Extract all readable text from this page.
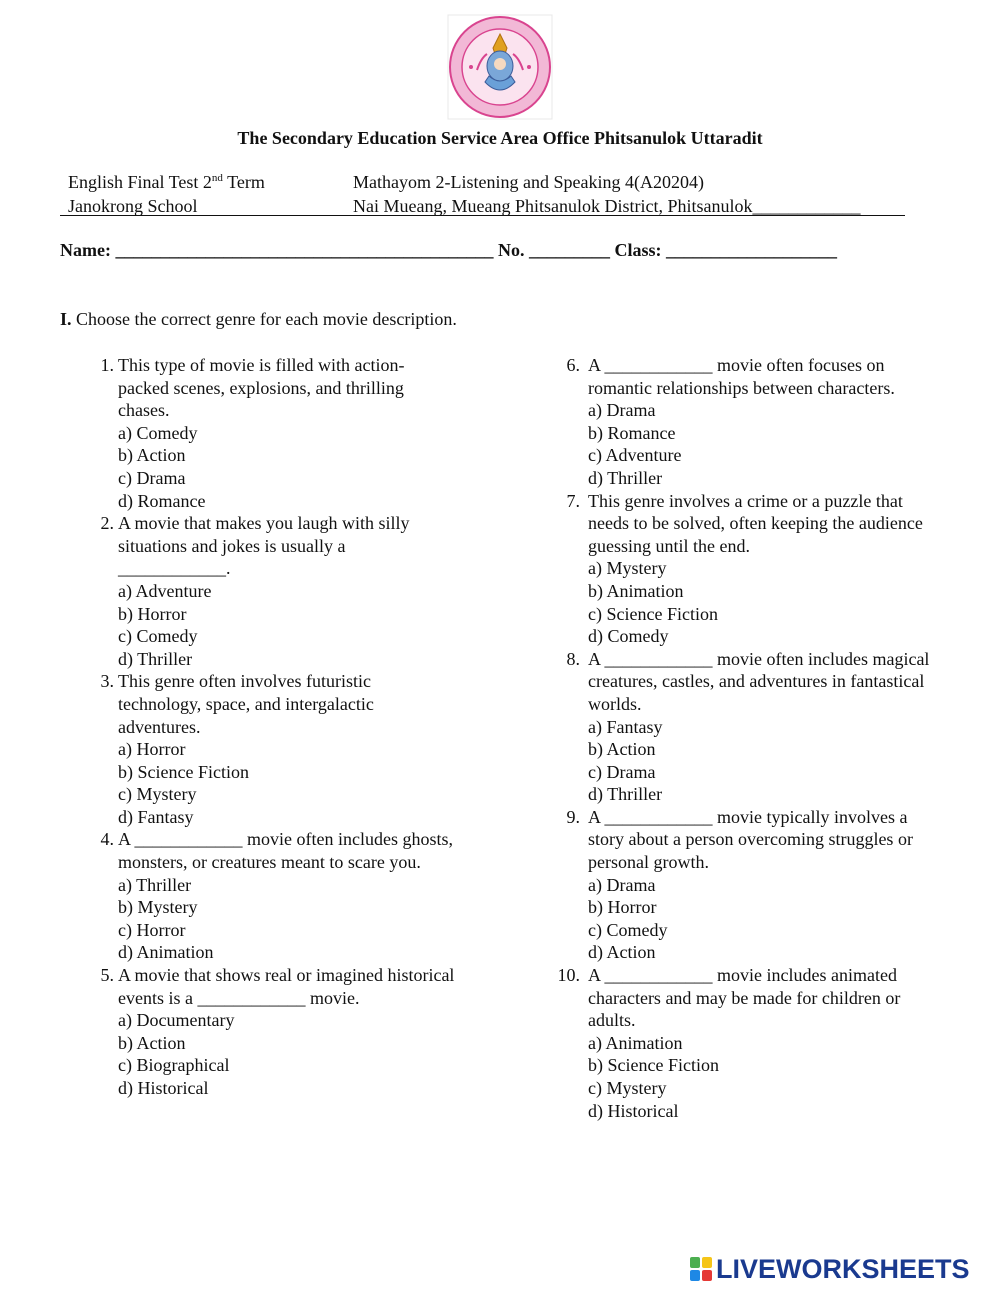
The Secondary Education Service Area Office Phitsanulok Uttaradit
English Final Test 2nd Term	Mathayom 2-Listening and Speaking 4(A20204)
Janokrong School	Nai Mueang, Mueang Phitsanulok District, Phitsanulok____________
Name: __________________________________________ No. _________ Class: ___________________
I. Choose the correct genre for each movie description.
1. This type of movie is filled with action-packed scenes, explosions, and thrilling chases.
a) Comedy
b) Action
c) Drama
d) Romance
2. A movie that makes you laugh with silly situations and jokes is usually a ____________.
a) Adventure
b) Horror
c) Comedy
d) Thriller
3. This genre often involves futuristic technology, space, and intergalactic adventures.
a) Horror
b) Science Fiction
c) Mystery
d) Fantasy
4. A ____________ movie often includes ghosts, monsters, or creatures meant to scare you.
a) Thriller
b) Mystery
c) Horror
d) Animation
5. A movie that shows real or imagined historical events is a ____________ movie.
a) Documentary
b) Action
c) Biographical
d) Historical
6. A ____________ movie often focuses on romantic relationships between characters.
a) Drama
b) Romance
c) Adventure
d) Thriller
7. This genre involves a crime or a puzzle that needs to be solved, often keeping the audience guessing until the end.
a) Mystery
b) Animation
c) Science Fiction
d) Comedy
8. A ____________ movie often includes magical creatures, castles, and adventures in fantastical worlds.
a) Fantasy
b) Action
c) Drama
d) Thriller
9. A ____________ movie typically involves a story about a person overcoming struggles or personal growth.
a) Drama
b) Horror
c) Comedy
d) Action
10. A ____________ movie includes animated characters and may be made for children or adults.
a) Animation
b) Science Fiction
c) Mystery
d) Historical
LIVEWORKSHEETS
